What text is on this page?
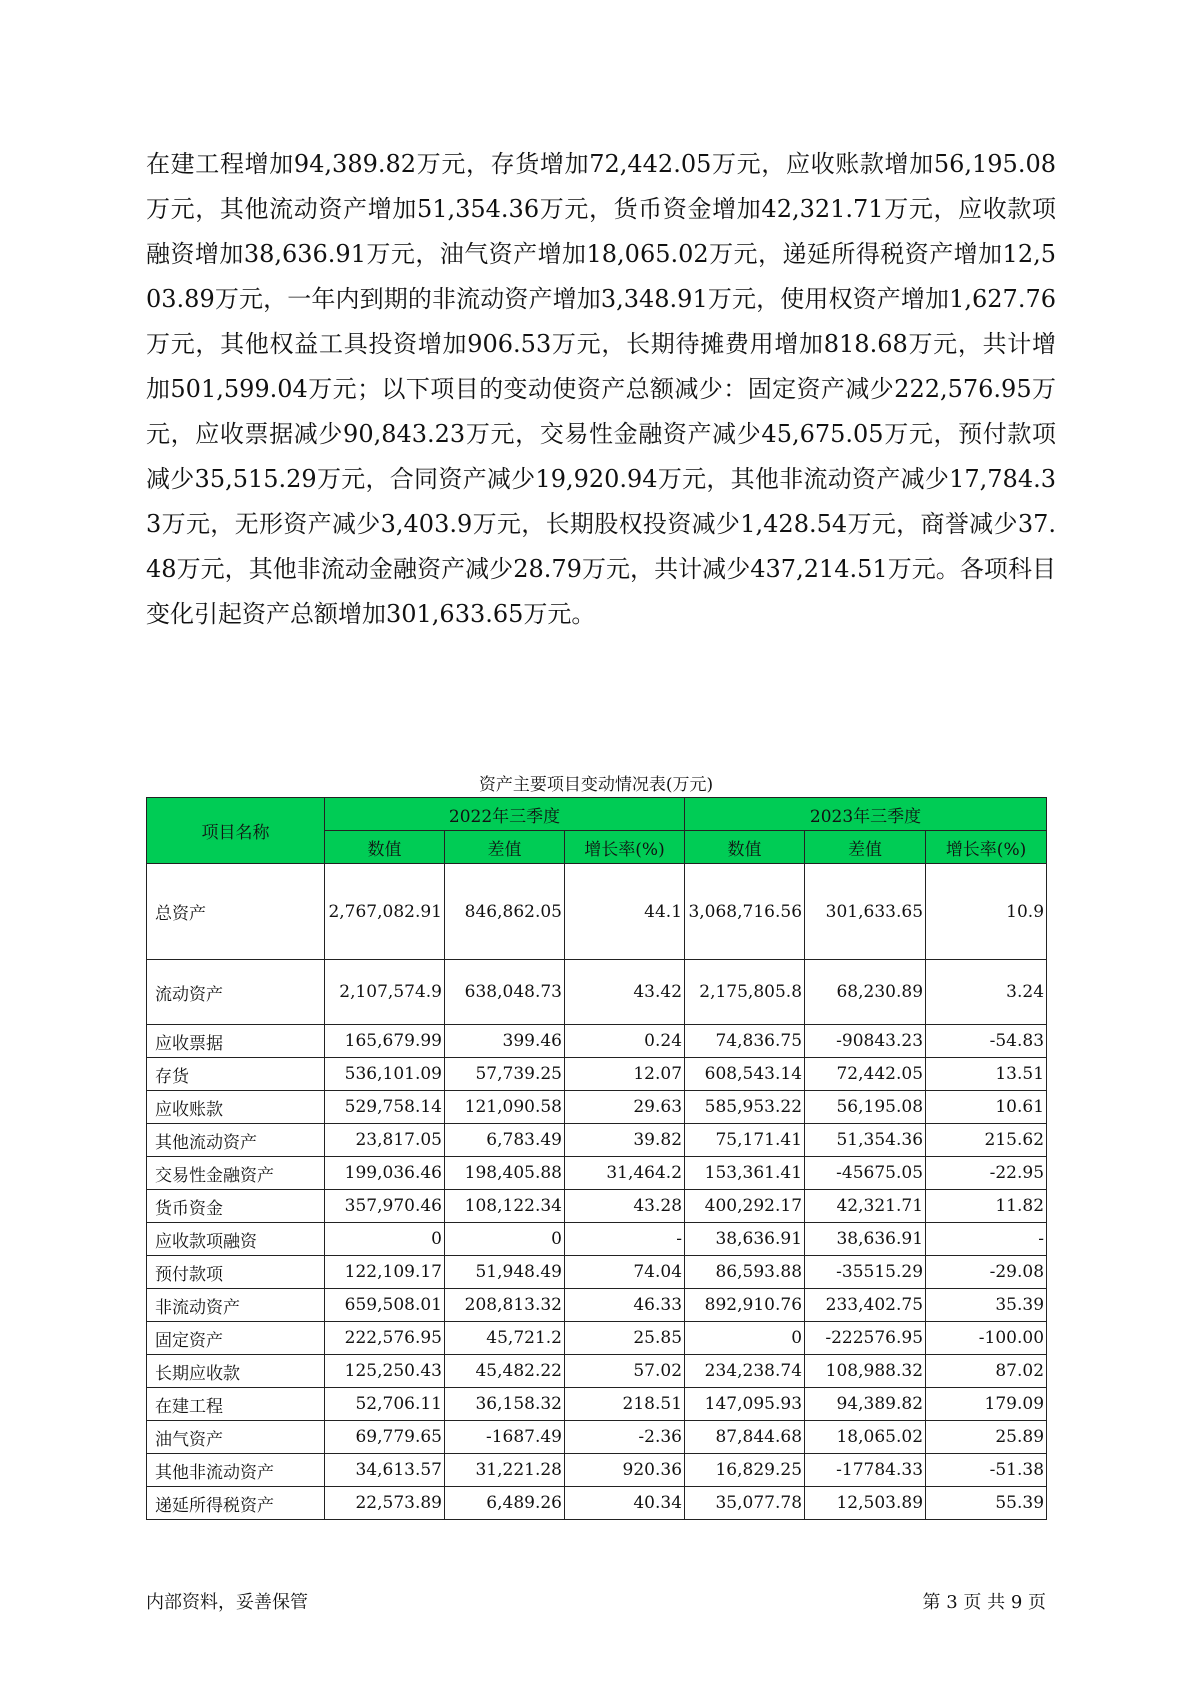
在建工程增加94,389.82万元，存货增加72,442.05万元，应收账款增加56,195.08万元，其他流动资产增加51,354.36万元，货币资金增加42,321.71万元，应收款项融资增加38,636.91万元，油气资产增加18,065.02万元，递延所得税资产增加12,503.89万元，一年内到期的非流动资产增加3,348.91万元，使用权资产增加1,627.76万元，其他权益工具投资增加906.53万元，长期待摊费用增加818.68万元，共计增加501,599.04万元；以下项目的变动使资产总额减少：固定资产减少222,576.95万元，应收票据减少90,843.23万元，交易性金融资产减少45,675.05万元，预付款项减少35,515.29万元，合同资产减少19,920.94万元，其他非流动资产减少17,784.33万元，无形资产减少3,403.9万元，长期股权投资减少1,428.54万元，商誉减少37.48万元，其他非流动金融资产减少28.79万元，共计减少437,214.51万元。各项科目变化引起资产总额增加301,633.65万元。

资产主要项目变动情况表(万元)
项目名称	2022年三季度			2023年三季度		
	数值	差值	增长率(%)	数值	差值	增长率(%)
总资产	2,767,082.91	846,862.05	44.1	3,068,716.56	301,633.65	10.9
流动资产	2,107,574.9	638,048.73	43.42	2,175,805.8	68,230.89	3.24
应收票据	165,679.99	399.46	0.24	74,836.75	-90843.23	-54.83
存货	536,101.09	57,739.25	12.07	608,543.14	72,442.05	13.51
应收账款	529,758.14	121,090.58	29.63	585,953.22	56,195.08	10.61
其他流动资产	23,817.05	6,783.49	39.82	75,171.41	51,354.36	215.62
交易性金融资产	199,036.46	198,405.88	31,464.2	153,361.41	-45675.05	-22.95
货币资金	357,970.46	108,122.34	43.28	400,292.17	42,321.71	11.82
应收款项融资	0	0	-	38,636.91	38,636.91	-
预付款项	122,109.17	51,948.49	74.04	86,593.88	-35515.29	-29.08
非流动资产	659,508.01	208,813.32	46.33	892,910.76	233,402.75	35.39
固定资产	222,576.95	45,721.2	25.85	0	-222576.95	-100.00
长期应收款	125,250.43	45,482.22	57.02	234,238.74	108,988.32	87.02
在建工程	52,706.11	36,158.32	218.51	147,095.93	94,389.82	179.09
油气资产	69,779.65	-1687.49	-2.36	87,844.68	18,065.02	25.89
其他非流动资产	34,613.57	31,221.28	920.36	16,829.25	-17784.33	-51.38
递延所得税资产	22,573.89	6,489.26	40.34	35,077.78	12,503.89	55.39
内部资料，妥善保管	第 3 页 共 9 页
